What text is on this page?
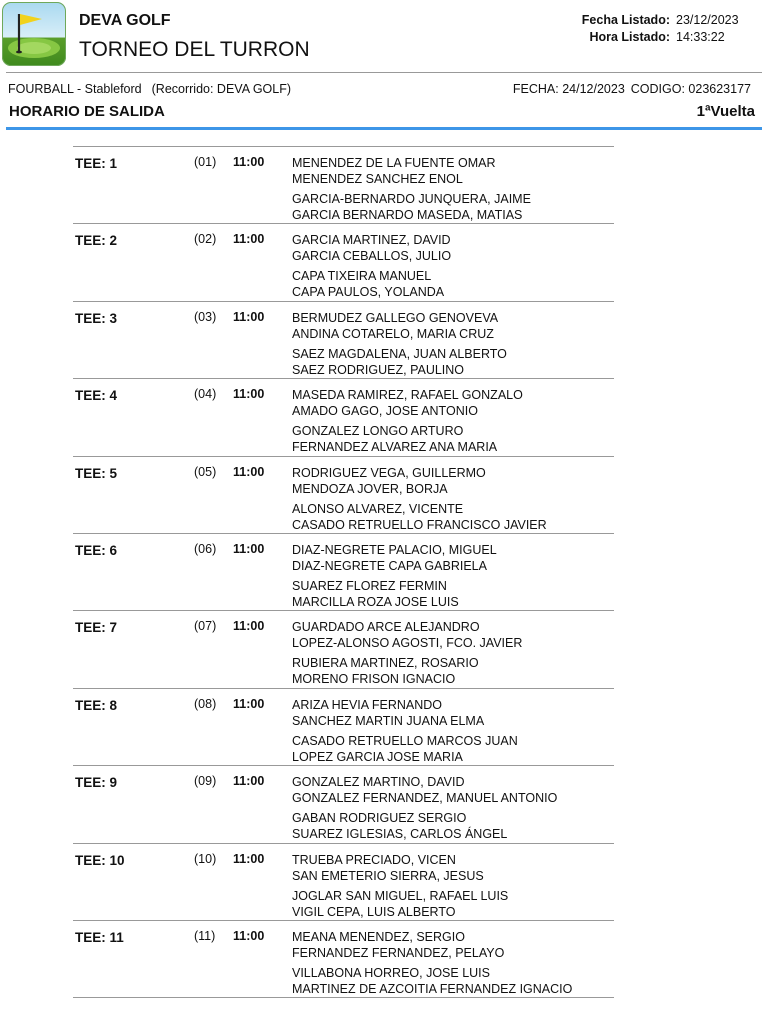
DEVA GOLF
TORNEO DEL TURRON
Fecha Listado: 23/12/2023
Hora Listado: 14:33:22
FOURBALL - Stableford (Recorrido: DEVA GOLF)	FECHA: 24/12/2023 CODIGO: 023623177
HORARIO DE SALIDA	1ªVuelta
TEE: 1	(01) 11:00 MENENDEZ DE LA FUENTE OMAR
MENENDEZ SANCHEZ ENOL
GARCIA-BERNARDO JUNQUERA, JAIME
GARCIA BERNARDO MASEDA, MATIAS
TEE: 2	(02) 11:00 GARCIA MARTINEZ, DAVID
GARCIA CEBALLOS, JULIO
CAPA TIXEIRA MANUEL
CAPA PAULOS, YOLANDA
TEE: 3	(03) 11:00 BERMUDEZ GALLEGO GENOVEVA
ANDINA COTARELO, MARIA CRUZ
SAEZ MAGDALENA, JUAN ALBERTO
SAEZ RODRIGUEZ, PAULINO
TEE: 4	(04) 11:00 MASEDA RAMIREZ, RAFAEL GONZALO
AMADO GAGO, JOSE ANTONIO
GONZALEZ LONGO ARTURO
FERNANDEZ ALVAREZ ANA MARIA
TEE: 5	(05) 11:00 RODRIGUEZ VEGA, GUILLERMO
MENDOZA JOVER, BORJA
ALONSO ALVAREZ, VICENTE
CASADO RETRUELLO FRANCISCO JAVIER
TEE: 6	(06) 11:00 DIAZ-NEGRETE PALACIO, MIGUEL
DIAZ-NEGRETE CAPA GABRIELA
SUAREZ FLOREZ FERMIN
MARCILLA ROZA JOSE LUIS
TEE: 7	(07) 11:00 GUARDADO ARCE ALEJANDRO
LOPEZ-ALONSO AGOSTI, FCO. JAVIER
RUBIERA MARTINEZ, ROSARIO
MORENO FRISON IGNACIO
TEE: 8	(08) 11:00 ARIZA HEVIA FERNANDO
SANCHEZ MARTIN JUANA ELMA
CASADO RETRUELLO MARCOS JUAN
LOPEZ GARCIA JOSE MARIA
TEE: 9	(09) 11:00 GONZALEZ MARTINO, DAVID
GONZALEZ FERNANDEZ, MANUEL ANTONIO
GABAN RODRIGUEZ SERGIO
SUAREZ IGLESIAS, CARLOS ÁNGEL
TEE: 10	(10) 11:00 TRUEBA PRECIADO, VICEN
SAN EMETERIO SIERRA, JESUS
JOGLAR SAN MIGUEL, RAFAEL LUIS
VIGIL CEPA, LUIS ALBERTO
TEE: 11	(11) 11:00 MEANA MENENDEZ, SERGIO
FERNANDEZ FERNANDEZ, PELAYO
VILLABONA HORREO, JOSE LUIS
MARTINEZ DE AZCOITIA FERNANDEZ IGNACIO
